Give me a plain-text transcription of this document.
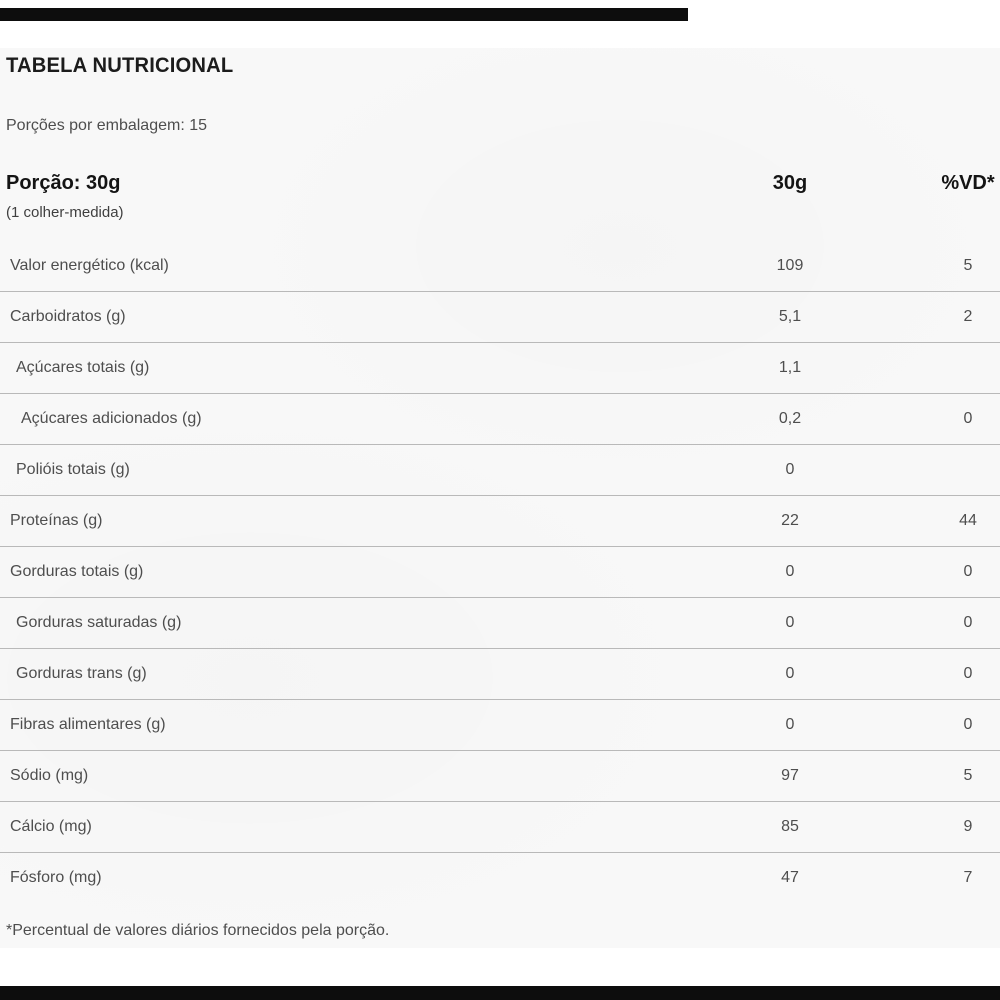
TABELA NUTRICIONAL
Porções por embalagem: 15
Porção: 30g	30g	%VD*
(1 colher-medida)
Valor energético (kcal)	109	5
Carboidratos (g)	5,1	2
Açúcares totais (g)	1,1
Açúcares adicionados (g)	0,2	0
Polióis totais (g)	0
Proteínas (g)	22	44
Gorduras totais (g)	0	0
Gorduras saturadas (g)	0	0
Gorduras trans (g)	0	0
Fibras alimentares (g)	0	0
Sódio (mg)	97	5
Cálcio (mg)	85	9
Fósforo (mg)	47	7
*Percentual de valores diários fornecidos pela porção.
